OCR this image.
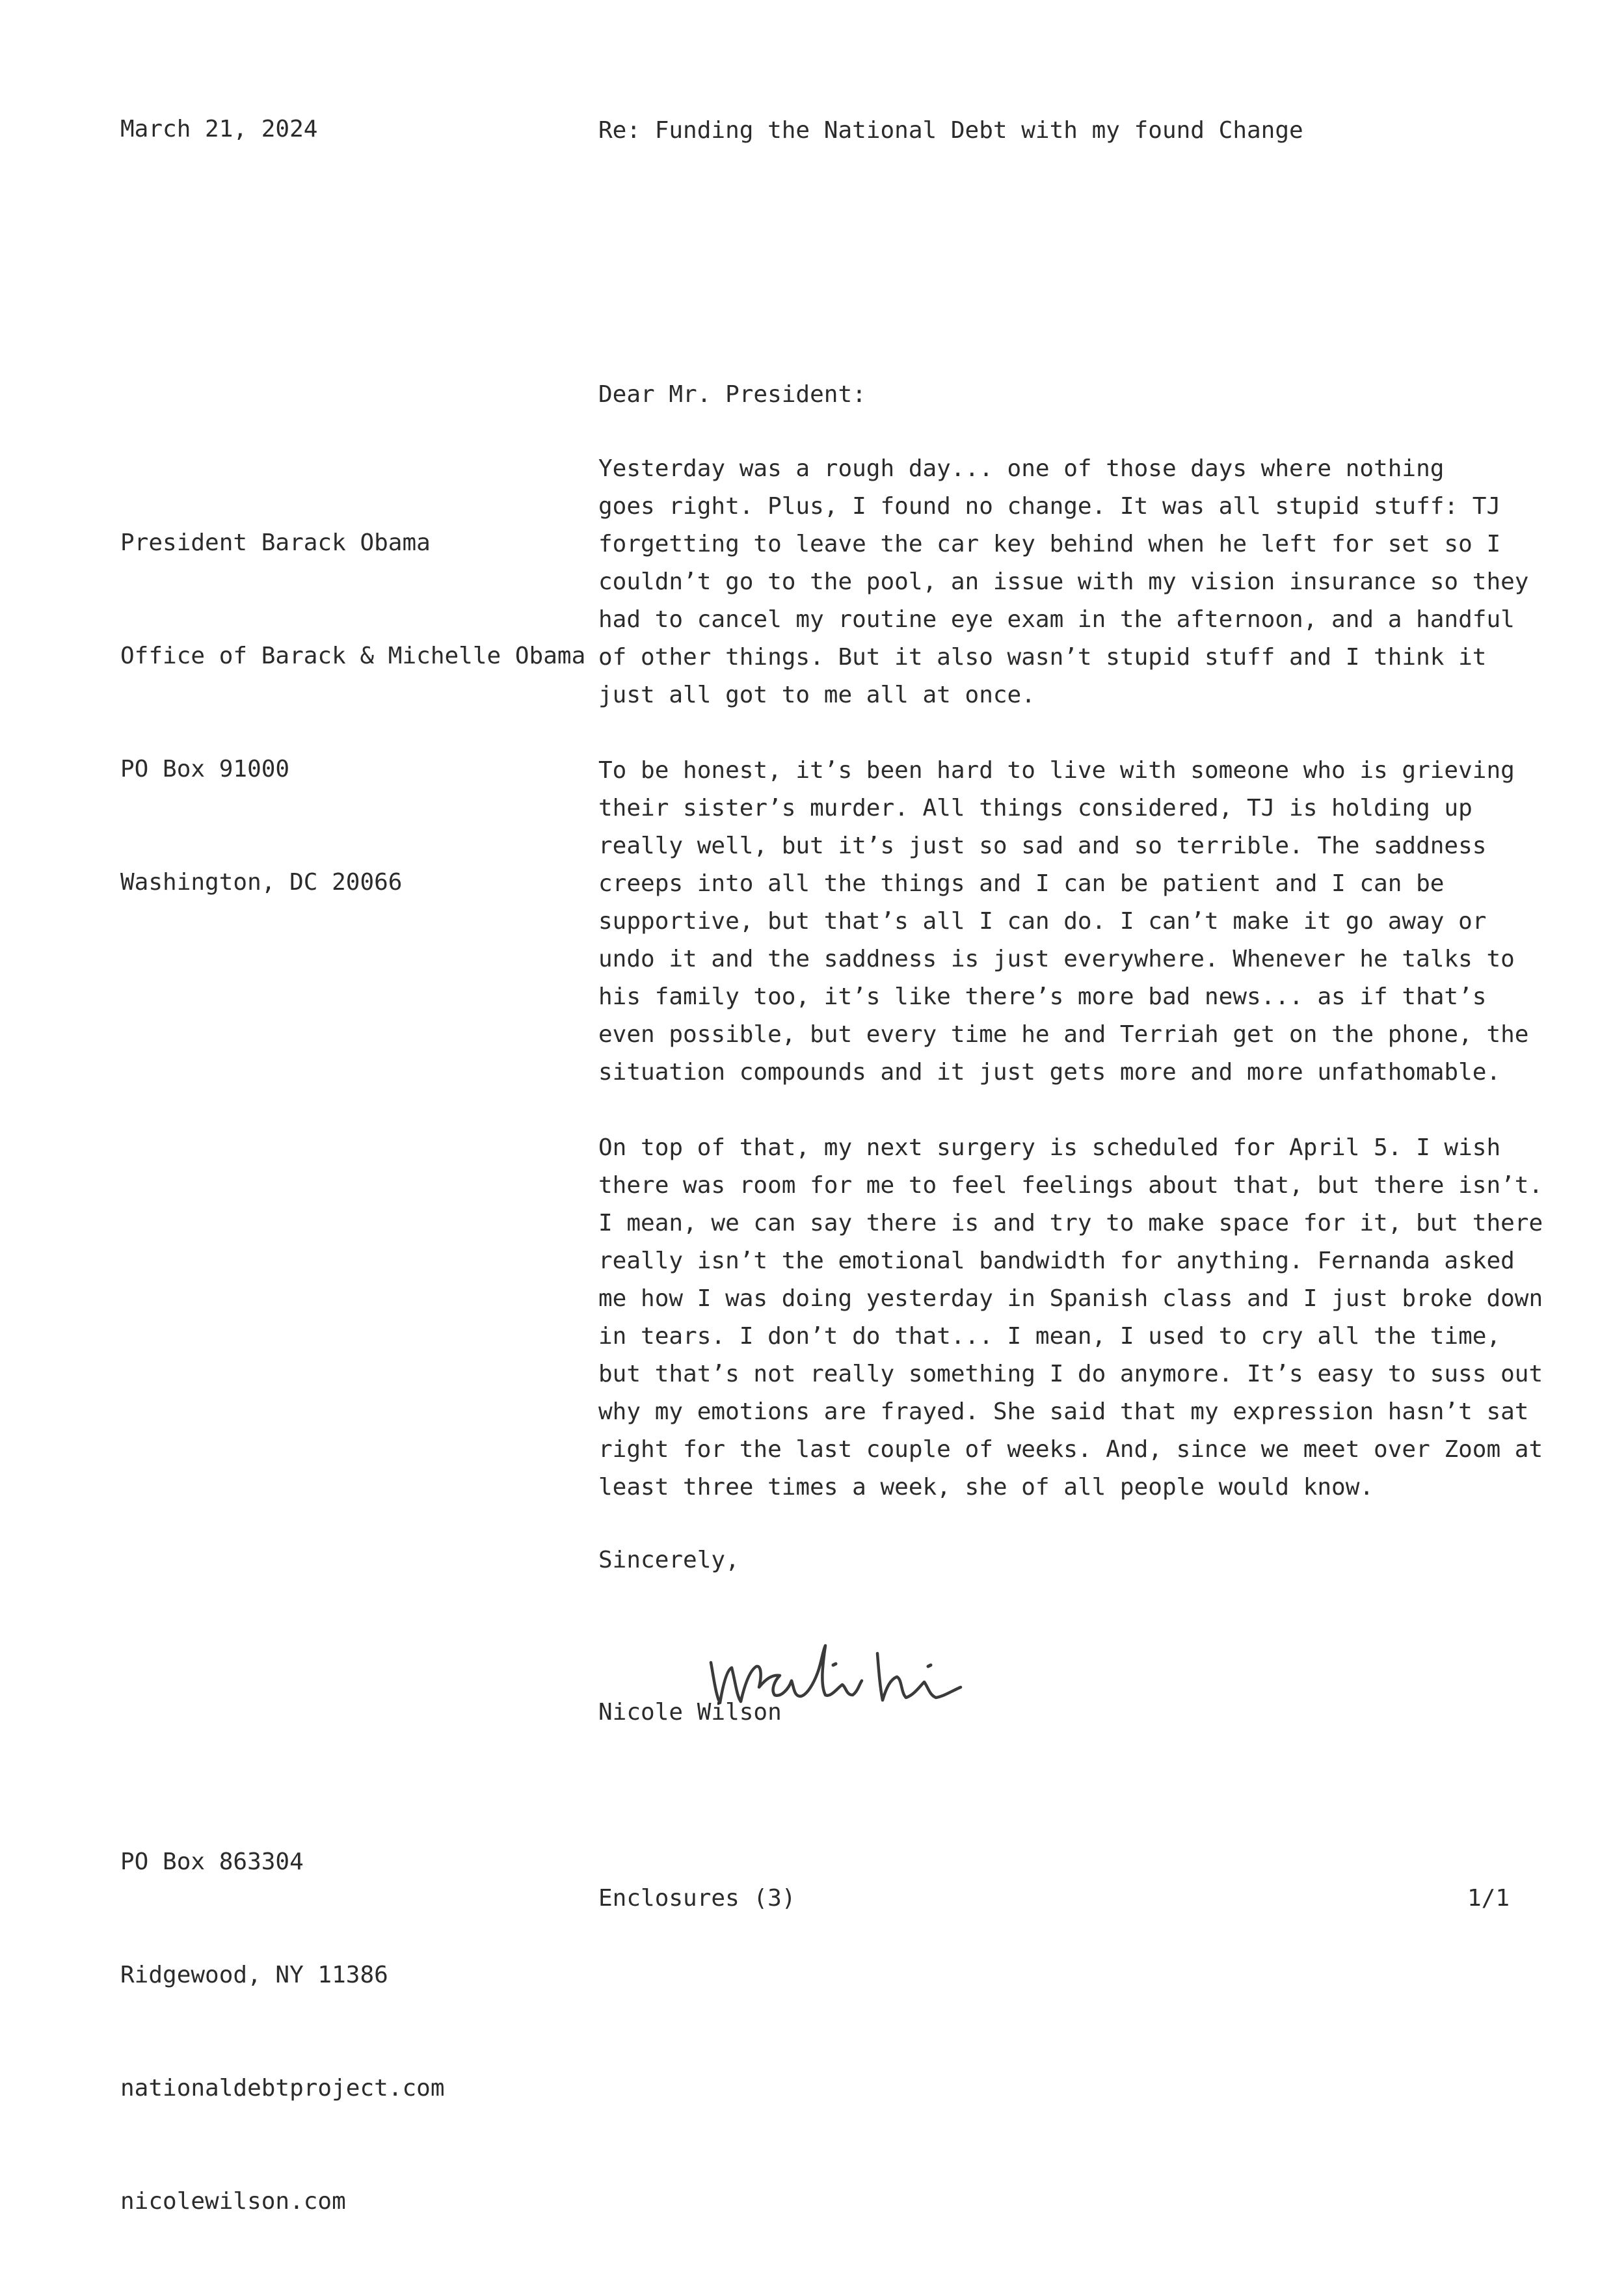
March 21, 2024	Re: Funding the National Debt with my found Change
Dear Mr. President:

President Barack Obama

Office of Barack & Michelle Obama

PO Box 91000

Washington, DC 20066

Yesterday was a rough day... one of those days where nothing
goes right. Plus, I found no change. It was all stupid stuff: TJ
forgetting to leave the car key behind when he left for set so I
couldn’t go to the pool, an issue with my vision insurance so they
had to cancel my routine eye exam in the afternoon, and a handful
of other things. But it also wasn’t stupid stuff and I think it
just all got to me all at once.
To be honest, it’s been hard to live with someone who is grieving
their sister’s murder. All things considered, TJ is holding up
really well, but it’s just so sad and so terrible. The saddness
creeps into all the things and I can be patient and I can be
supportive, but that’s all I can do. I can’t make it go away or
undo it and the saddness is just everywhere. Whenever he talks to
his family too, it’s like there’s more bad news... as if that’s
even possible, but every time he and Terriah get on the phone, the
situation compounds and it just gets more and more unfathomable.
On top of that, my next surgery is scheduled for April 5. I wish
there was room for me to feel feelings about that, but there isn’t.
I mean, we can say there is and try to make space for it, but there
really isn’t the emotional bandwidth for anything. Fernanda asked
me how I was doing yesterday in Spanish class and I just broke down
in tears. I don’t do that... I mean, I used to cry all the time,
but that’s not really something I do anymore. It’s easy to suss out
why my emotions are frayed. She said that my expression hasn’t sat
right for the last couple of weeks. And, since we meet over Zoom at
least three times a week, she of all people would know.
Sincerely,

Nicole Wilson

PO Box 863304

Ridgewood, NY 11386

nationaldebtproject.com

nicolewilson.com

Enclosures (3)	1/1
